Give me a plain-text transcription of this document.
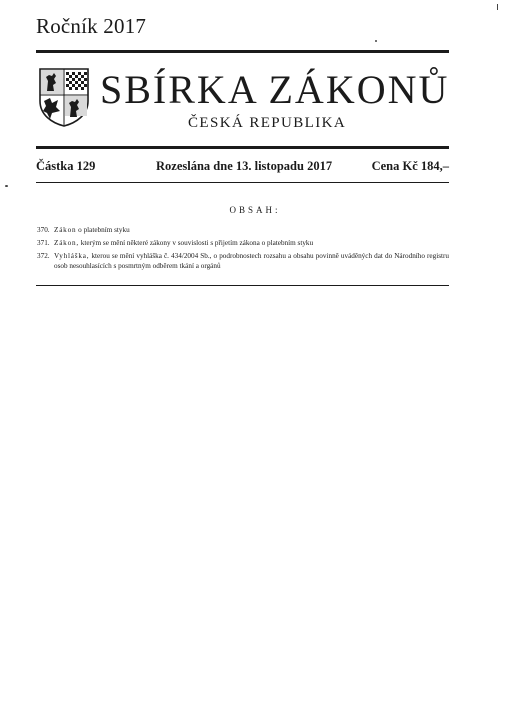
Ročník 2017
SBÍRKA ZÁKONŮ
ČESKÁ REPUBLIKA
Částka 129	Rozeslána dne 13. listopadu 2017	Cena Kč 184,–
OBSAH:
370. Zákon o platebním styku
371. Zákon, kterým se mění některé zákony v souvislosti s přijetím zákona o platebním styku
372. Vyhláška, kterou se mění vyhláška č. 434/2004 Sb., o podrobnostech rozsahu a obsahu povinně uváděných dat do Národního registru osob nesouhlasících s posmrtným odběrem tkání a orgánů
